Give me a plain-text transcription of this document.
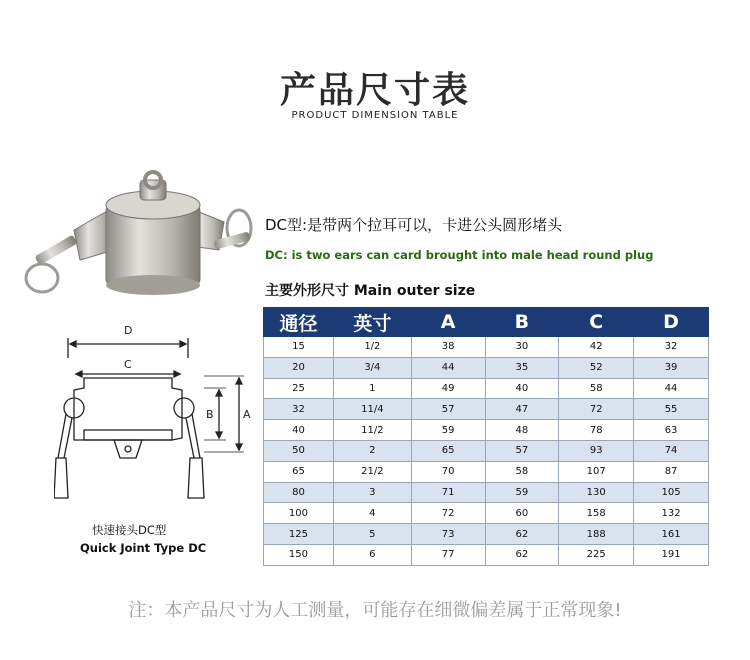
产品尺寸表
PRODUCT DIMENSION TABLE
DC型:是带两个拉耳可以，卡进公头圆形堵头
DC: is two ears can card brought into male head round plug
主要外形尺寸 Main outer size
D
C
B	A
快速接头DC型
Quick Joint Type DC
通径	英寸	A	B	C	D
15	1/2	38	30	42	32
20	3/4	44	35	52	39
25	1	49	40	58	44
32	11/4	57	47	72	55
40	11/2	59	48	78	63
50	2	65	57	93	74
65	21/2	70	58	107	87
80	3	71	59	130	105
100	4	72	60	158	132
125	5	73	62	188	161
150	6	77	62	225	191
注：本产品尺寸为人工测量，可能存在细微偏差属于正常现象!
